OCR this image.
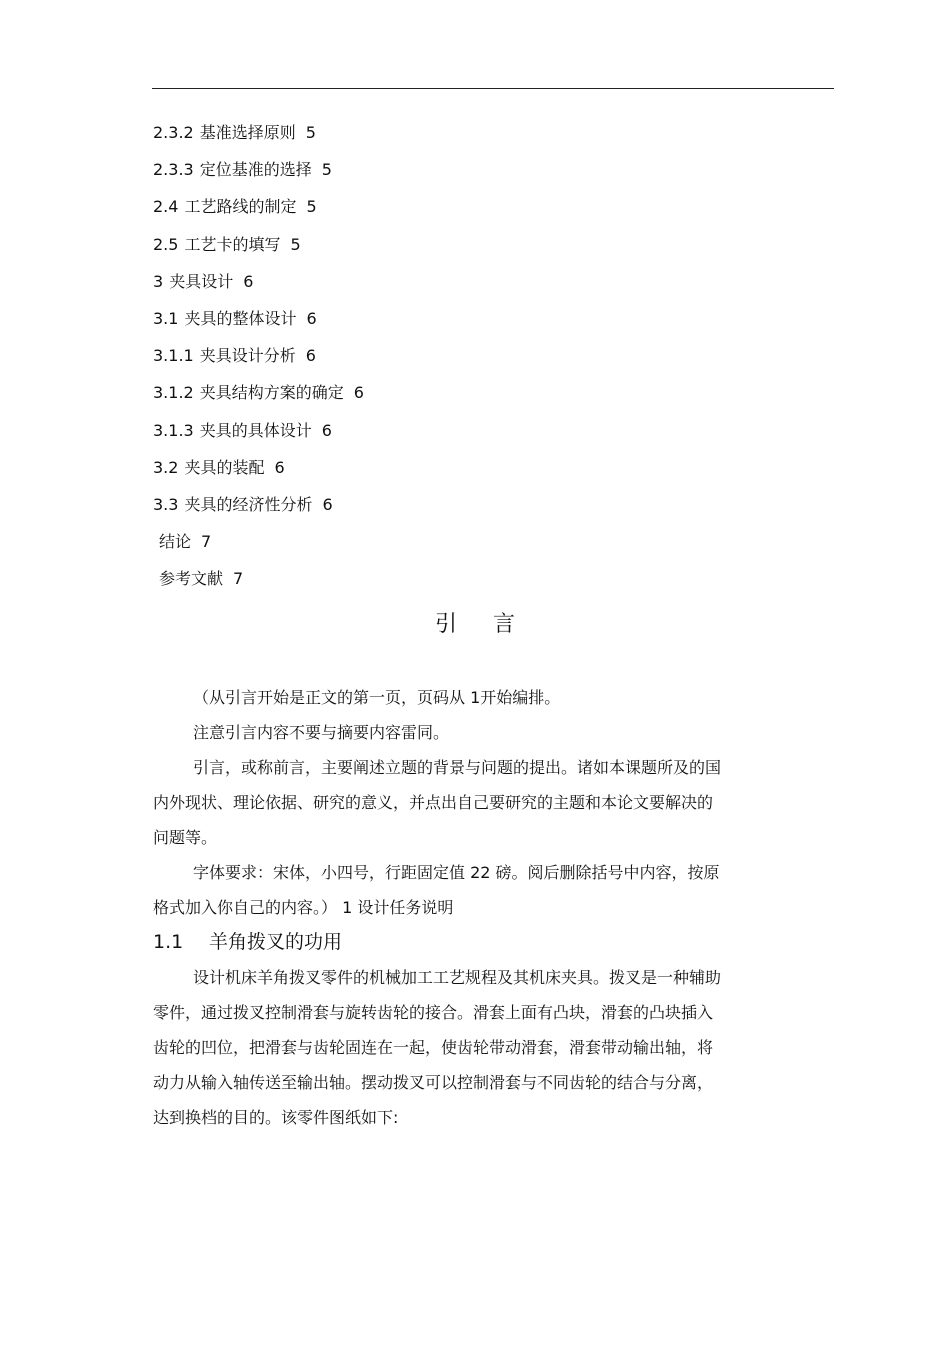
2.3.2 基准选择原则 5
2.3.3 定位基准的选择 5
2.4 工艺路线的制定 5
2.5 工艺卡的填写 5
3 夹具设计 6
3.1 夹具的整体设计 6
3.1.1 夹具设计分析 6
3.1.2 夹具结构方案的确定 6
3.1.3 夹具的具体设计 6
3.2 夹具的装配 6
3.3 夹具的经济性分析 6
结论 7
参考文献 7
引言
（从引言开始是正文的第一页，页码从 1开始编排。
注意引言内容不要与摘要内容雷同。
引言，或称前言，主要阐述立题的背景与问题的提出。诸如本课题所及的国
内外现状、理论依据、研究的意义，并点出自己要研究的主题和本论文要解决的
问题等。
字体要求：宋体，小四号，行距固定值 22 磅。阅后删除括号中内容，按原
格式加入你自己的内容。） 1 设计任务说明
1.1 羊角拨叉的功用
设计机床羊角拨叉零件的机械加工工艺规程及其机床夹具。拨叉是一种辅助
零件，通过拨叉控制滑套与旋转齿轮的接合。滑套上面有凸块，滑套的凸块插入
齿轮的凹位，把滑套与齿轮固连在一起，使齿轮带动滑套，滑套带动输出轴，将
动力从输入轴传送至输出轴。摆动拨叉可以控制滑套与不同齿轮的结合与分离，
达到换档的目的。该零件图纸如下:
